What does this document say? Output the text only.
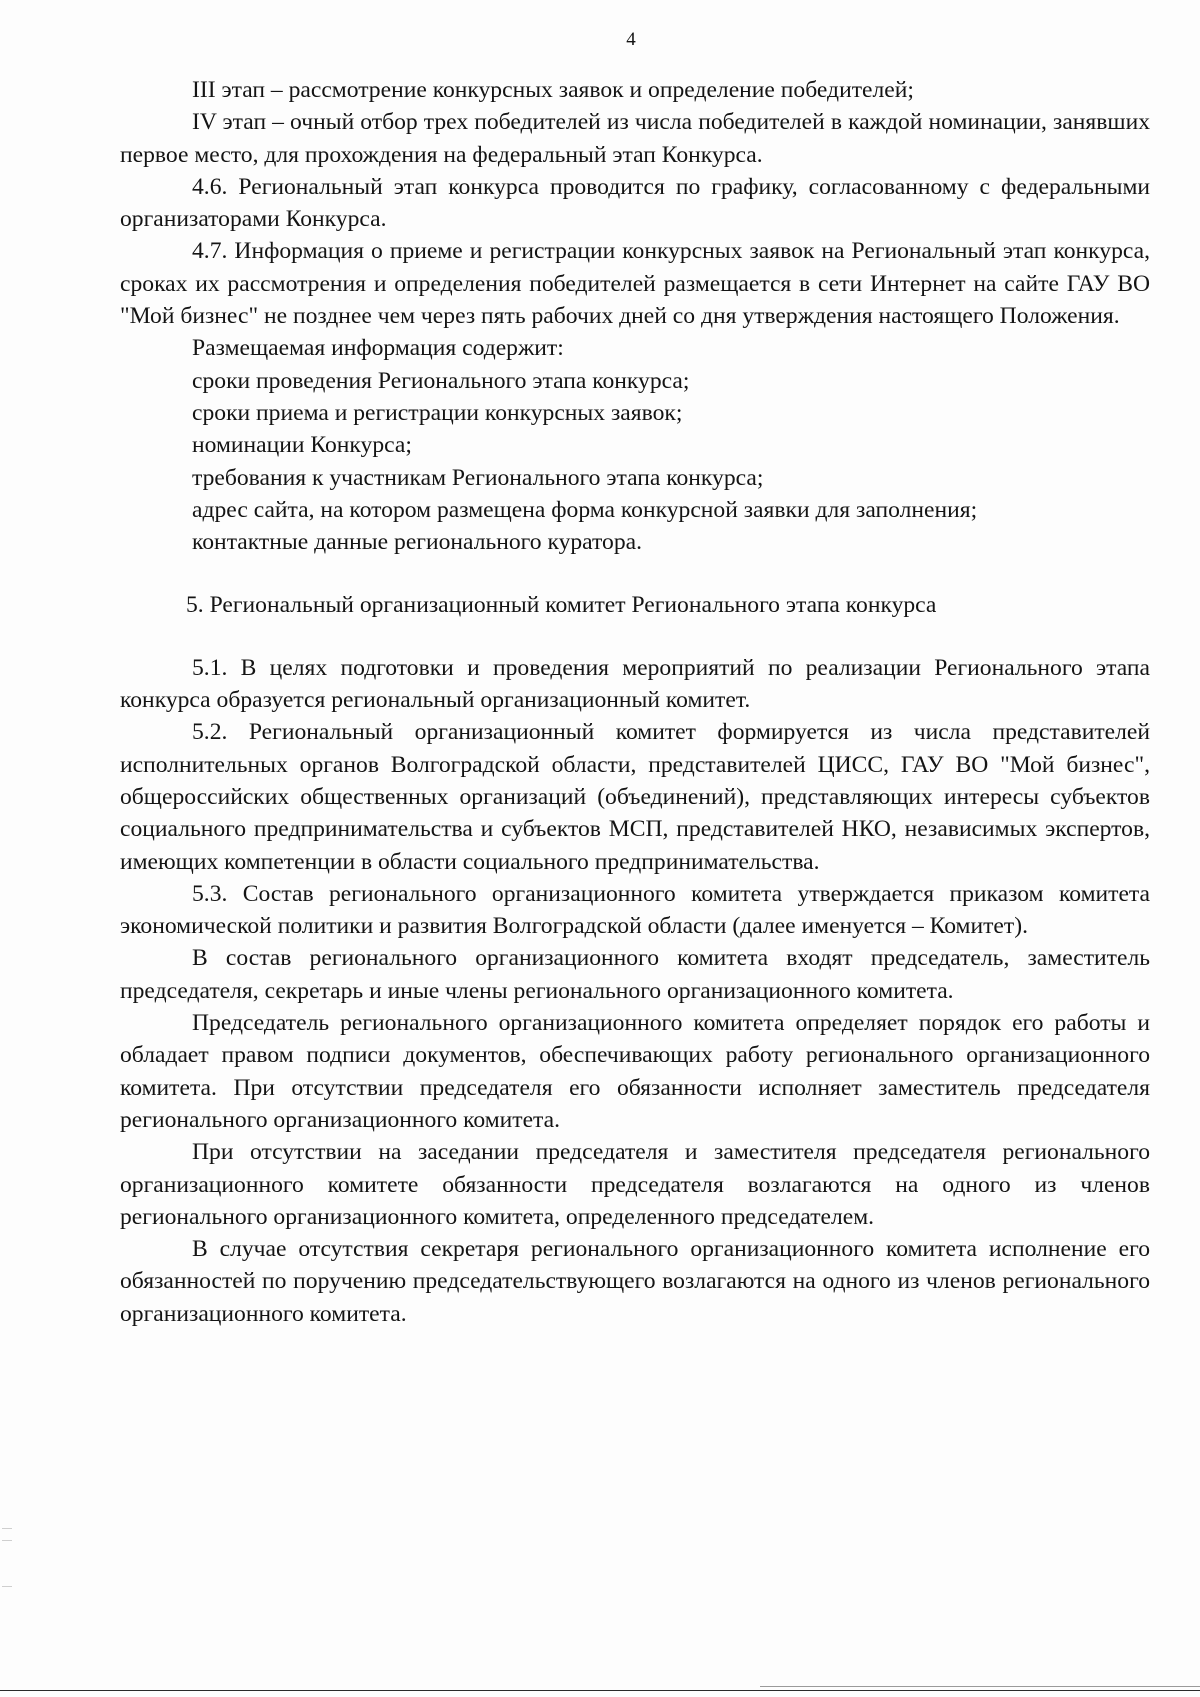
4

III этап – рассмотрение конкурсных заявок и определение победителей;

IV этап – очный отбор трех победителей из числа победителей в каждой номинации, занявших первое место, для прохождения на федеральный этап Конкурса.

4.6. Региональный этап конкурса проводится по графику, согласованному с федеральными организаторами Конкурса.

4.7. Информация о приеме и регистрации конкурсных заявок на Региональный этап конкурса, сроках их рассмотрения и определения победителей размещается в сети Интернет на сайте ГАУ ВО "Мой бизнес" не позднее чем через пять рабочих дней со дня утверждения настоящего Положения.

Размещаемая информация содержит:

сроки проведения Регионального этапа конкурса;

сроки приема и регистрации конкурсных заявок;

номинации Конкурса;

требования к участникам Регионального этапа конкурса;

адрес сайта, на котором размещена форма конкурсной заявки для заполнения;

контактные данные регионального куратора.

5. Региональный организационный комитет Регионального этапа конкурса

5.1. В целях подготовки и проведения мероприятий по реализации Регионального этапа конкурса образуется региональный организационный комитет.

5.2. Региональный организационный комитет формируется из числа представителей исполнительных органов Волгоградской области, представителей ЦИСС, ГАУ ВО "Мой бизнес", общероссийских общественных организаций (объединений), представляющих интересы субъектов социального предпринимательства и субъектов МСП, представителей НКО, независимых экспертов, имеющих компетенции в области социального предпринимательства.

5.3. Состав регионального организационного комитета утверждается приказом комитета экономической политики и развития Волгоградской области (далее именуется – Комитет).

В состав регионального организационного комитета входят председатель, заместитель председателя, секретарь и иные члены регионального организационного комитета.

Председатель регионального организационного комитета определяет порядок его работы и обладает правом подписи документов, обеспечивающих работу регионального организационного комитета. При отсутствии председателя его обязанности исполняет заместитель председателя регионального организационного комитета.

При отсутствии на заседании председателя и заместителя председателя регионального организационного комитете обязанности председателя возлагаются на одного из членов регионального организационного комитета, определенного председателем.

В случае отсутствия секретаря регионального организационного комитета исполнение его обязанностей по поручению председательствующего возлагаются на одного из членов регионального организационного комитета.
